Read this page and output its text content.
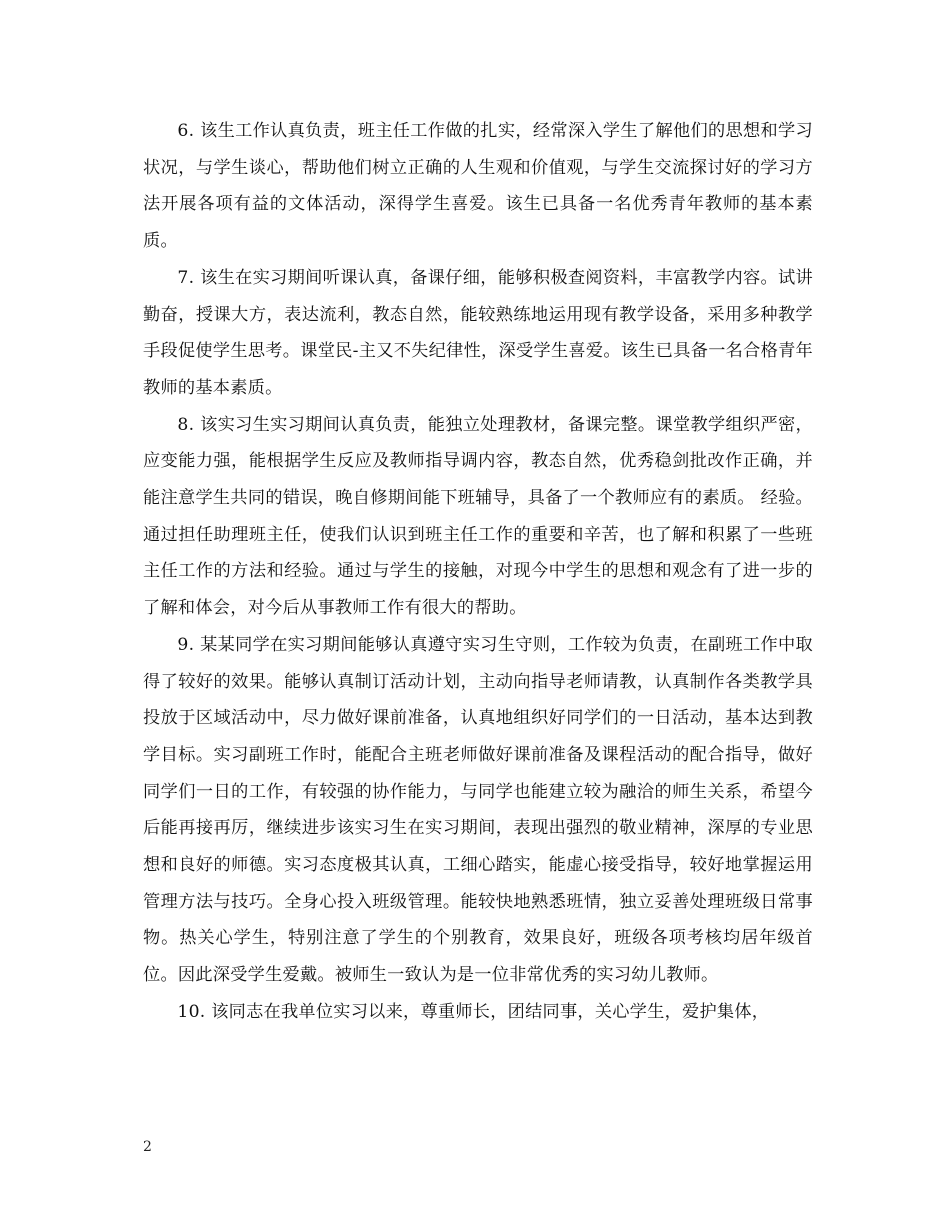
6. 该生工作认真负责，班主任工作做的扎实，经常深入学生了解他们的思想和学习状况，与学生谈心，帮助他们树立正确的人生观和价值观，与学生交流探讨好的学习方法开展各项有益的文体活动，深得学生喜爱。该生已具备一名优秀青年教师的基本素质。

7. 该生在实习期间听课认真，备课仔细，能够积极查阅资料，丰富教学内容。试讲勤奋，授课大方，表达流利，教态自然，能较熟练地运用现有教学设备，采用多种教学手段促使学生思考。课堂民-主又不失纪律性，深受学生喜爱。该生已具备一名合格青年教师的基本素质。

8. 该实习生实习期间认真负责，能独立处理教材，备课完整。课堂教学组织严密，应变能力强，能根据学生反应及教师指导调内容，教态自然，优秀稳剑批改作正确，并能注意学生共同的错误，晚自修期间能下班辅导，具备了一个教师应有的素质。 经验。通过担任助理班主任，使我们认识到班主任工作的重要和辛苦，也了解和积累了一些班主任工作的方法和经验。通过与学生的接触，对现今中学生的思想和观念有了进一步的了解和体会，对今后从事教师工作有很大的帮助。

9. 某某同学在实习期间能够认真遵守实习生守则，工作较为负责，在副班工作中取得了较好的效果。能够认真制订活动计划，主动向指导老师请教，认真制作各类教学具投放于区域活动中，尽力做好课前准备，认真地组织好同学们的一日活动，基本达到教学目标。实习副班工作时，能配合主班老师做好课前准备及课程活动的配合指导，做好同学们一日的工作，有较强的协作能力，与同学也能建立较为融洽的师生关系，希望今后能再接再厉，继续进步该实习生在实习期间，表现出强烈的敬业精神，深厚的专业思想和良好的师德。实习态度极其认真，工细心踏实，能虚心接受指导，较好地掌握运用管理方法与技巧。全身心投入班级管理。能较快地熟悉班情，独立妥善处理班级日常事物。热关心学生，特别注意了学生的个别教育，效果良好，班级各项考核均居年级首位。因此深受学生爱戴。被师生一致认为是一位非常优秀的实习幼儿教师。

10. 该同志在我单位实习以来，尊重师长，团结同事，关心学生，爱护集体，

2
